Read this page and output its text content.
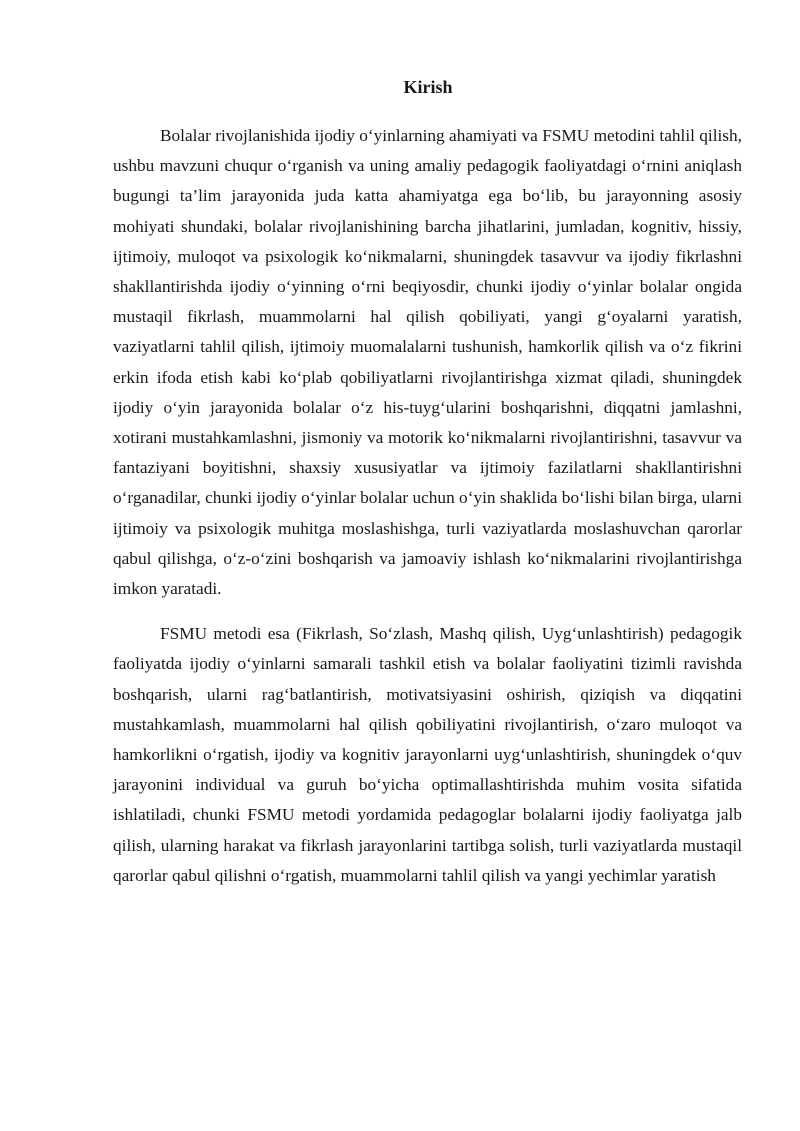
Kirish

Bolalar rivojlanishida ijodiy o‘yinlarning ahamiyati va FSMU metodini tahlil qilish, ushbu mavzuni chuqur o‘rganish va uning amaliy pedagogik faoliyatdagi o‘rnini aniqlash bugungi ta’lim jarayonida juda katta ahamiyatga ega bo‘lib, bu jarayonning asosiy mohiyati shundaki, bolalar rivojlanishining barcha jihatlarini, jumladan, kognitiv, hissiy, ijtimoiy, muloqot va psixologik ko‘nikmalarni, shuningdek tasavvur va ijodiy fikrlashni shakllantirishda ijodiy o‘yinning o‘rni beqiyosdir, chunki ijodiy o‘yinlar bolalar ongida mustaqil fikrlash, muammolarni hal qilish qobiliyati, yangi g‘oyalarni yaratish, vaziyatlarni tahlil qilish, ijtimoiy muomalalarni tushunish, hamkorlik qilish va o‘z fikrini erkin ifoda etish kabi ko‘plab qobiliyatlarni rivojlantirishga xizmat qiladi, shuningdek ijodiy o‘yin jarayonida bolalar o‘z his-tuyg‘ularini boshqarishni, diqqatni jamlashni, xotirani mustahkamlashni, jismoniy va motorik ko‘nikmalarni rivojlantirishni, tasavvur va fantaziyani boyitishni, shaxsiy xususiyatlar va ijtimoiy fazilatlarni shakllantirishni o‘rganadilar, chunki ijodiy o‘yinlar bolalar uchun o‘yin shaklida bo‘lishi bilan birga, ularni ijtimoiy va psixologik muhitga moslashishga, turli vaziyatlarda moslashuvchan qarorlar qabul qilishga, o‘z-o‘zini boshqarish va jamoaviy ishlash ko‘nikmalarini rivojlantirishga imkon yaratadi.

FSMU metodi esa (Fikrlash, So‘zlash, Mashq qilish, Uyg‘unlashtirish) pedagogik faoliyatda ijodiy o‘yinlarni samarali tashkil etish va bolalar faoliyatini tizimli ravishda boshqarish, ularni rag‘batlantirish, motivatsiyasini oshirish, qiziqish va diqqatini mustahkamlash, muammolarni hal qilish qobiliyatini rivojlantirish, o‘zaro muloqot va hamkorlikni o‘rgatish, ijodiy va kognitiv jarayonlarni uyg‘unlashtirish, shuningdek o‘quv jarayonini individual va guruh bo‘yicha optimallashtirishda muhim vosita sifatida ishlatiladi, chunki FSMU metodi yordamida pedagoglar bolalarni ijodiy faoliyatga jalb qilish, ularning harakat va fikrlash jarayonlarini tartibga solish, turli vaziyatlarda mustaqil qarorlar qabul qilishni o‘rgatish, muammolarni tahlil qilish va yangi yechimlar yaratish
